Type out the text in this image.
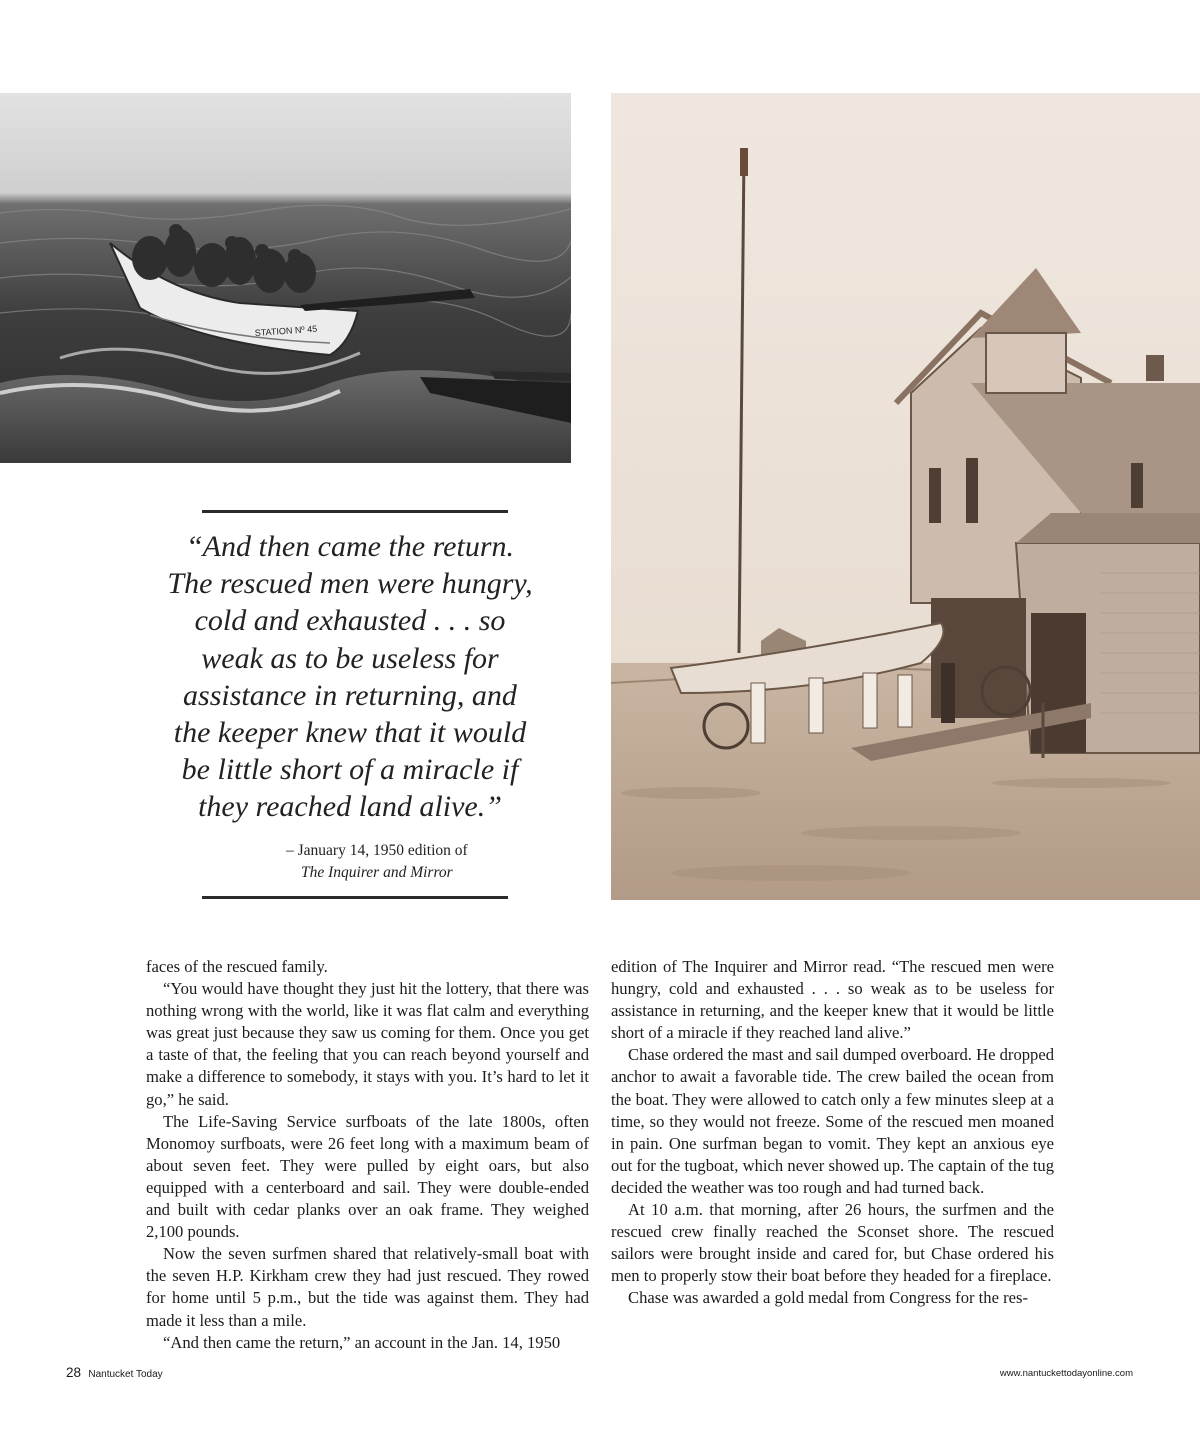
STATION Nº 45
“And then came the return.
The rescued men were hungry,
cold and exhausted . . . so
weak as to be useless for
assistance in returning, and
the keeper knew that it would
be little short of a miracle if
they reached land alive.”
– January 14, 1950 edition of
The Inquirer and Mirror

faces of the rescued family.

“You would have thought they just hit the lottery, that there was nothing wrong with the world, like it was flat calm and everything was great just because they saw us coming for them. Once you get a taste of that, the feeling that you can reach beyond yourself and make a difference to somebody, it stays with you. It’s hard to let it go,” he said.

The Life-Saving Service surfboats of the late 1800s, often Monomoy surfboats, were 26 feet long with a maximum beam of about seven feet. They were pulled by eight oars, but also equipped with a centerboard and sail. They were double-ended and built with cedar planks over an oak frame. They weighed 2,100 pounds.

Now the seven surfmen shared that relatively-small boat with the seven H.P. Kirkham crew they had just rescued. They rowed for home until 5 p.m., but the tide was against them. They had made it less than a mile.

“And then came the return,” an account in the Jan. 14, 1950

edition of The Inquirer and Mirror read. “The rescued men were hungry, cold and exhausted . . . so weak as to be useless for assistance in returning, and the keeper knew that it would be little short of a miracle if they reached land alive.”

Chase ordered the mast and sail dumped overboard. He dropped anchor to await a favorable tide. The crew bailed the ocean from the boat. They were allowed to catch only a few minutes sleep at a time, so they would not freeze. Some of the rescued men moaned in pain. One surfman began to vomit. They kept an anxious eye out for the tugboat, which never showed up. The captain of the tug decided the weather was too rough and had turned back.

At 10 a.m. that morning, after 26 hours, the surfmen and the rescued crew finally reached the Sconset shore. The rescued sailors were brought inside and cared for, but Chase ordered his men to properly stow their boat before they headed for a fireplace.

Chase was awarded a gold medal from Congress for the res-

28 Nantucket Today	www.nantuckettodayonline.com
